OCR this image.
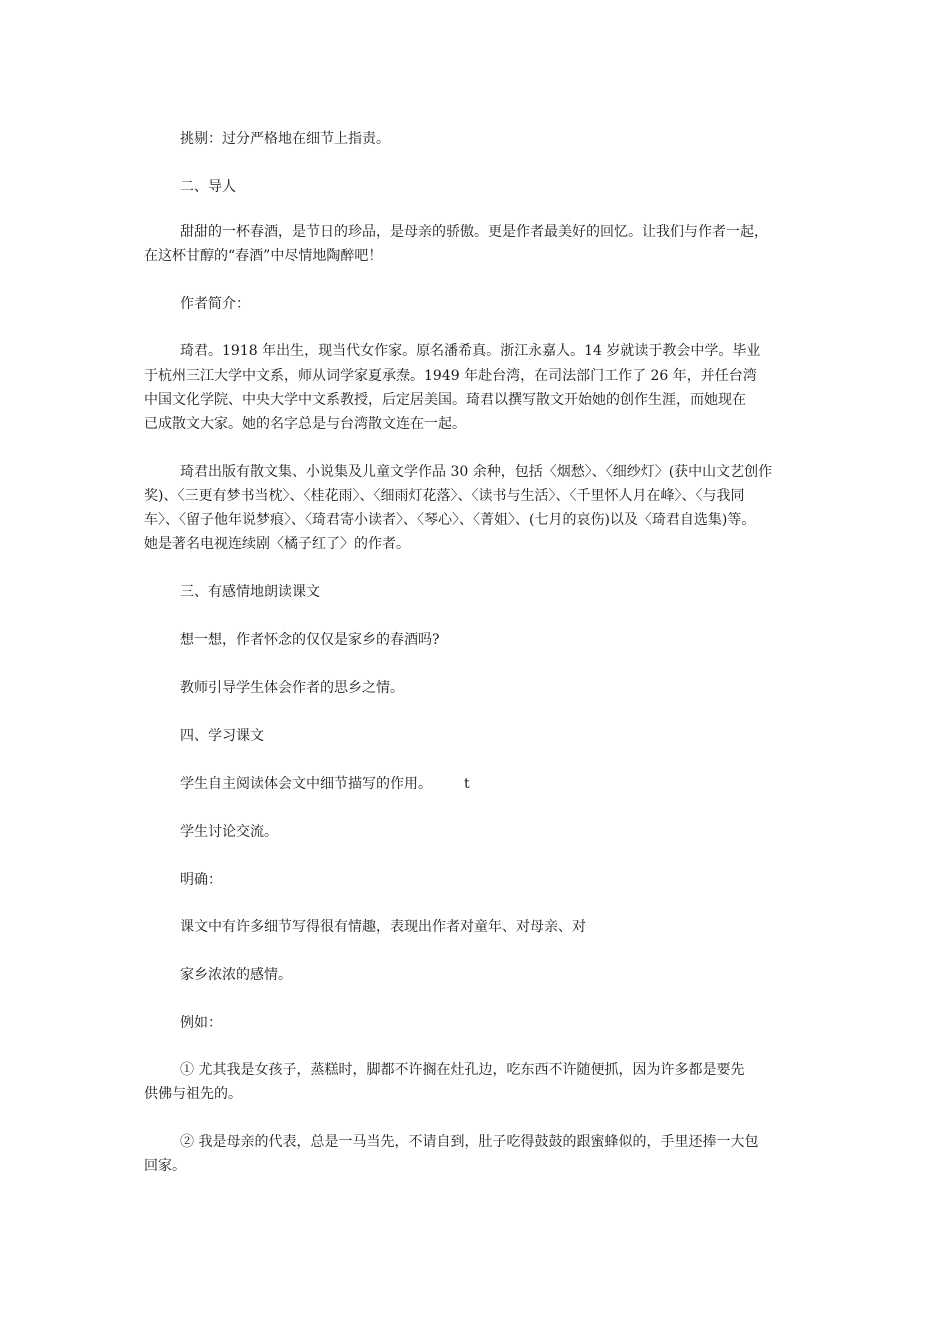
挑剔：过分严格地在细节上指责。

二、导人

甜甜的一杯春酒，是节日的珍品，是母亲的骄傲。更是作者最美好的回忆。让我们与作者一起，

在这杯甘醇的“春酒”中尽情地陶醉吧！

作者简介：

琦君。1918 年出生，现当代女作家。原名潘希真。浙江永嘉人。14 岁就读于教会中学。毕业

于杭州三江大学中文系，师从词学家夏承焘。1949 年赴台湾，在司法部门工作了 26 年，并任台湾

中国文化学院、中央大学中文系教授，后定居美国。琦君以撰写散文开始她的创作生涯，而她现在

已成散文大家。她的名字总是与台湾散文连在一起。

琦君出版有散文集、小说集及儿童文学作品 30 余种，包括〈烟愁〉、〈细纱灯〉(获中山文艺创作

奖)、〈三更有梦书当枕〉、〈桂花雨〉、〈细雨灯花落〉、〈读书与生活〉、〈千里怀人月在峰〉、〈与我同

车〉、〈留子他年说梦痕〉、〈琦君寄小读者〉、〈琴心〉、〈菁姐〉、(七月的哀伤)以及〈琦君自选集)等。

她是著名电视连续剧〈橘子红了〉的作者。

三、有感情地朗读课文

想一想，作者怀念的仅仅是家乡的春酒吗?

教师引导学生体会作者的思乡之情。

四、学习课文

学生自主阅读体会文中细节描写的作用。 t

学生讨论交流。

明确：

课文中有许多细节写得很有情趣，表现出作者对童年、对母亲、对

家乡浓浓的感情。

例如：

① 尤其我是女孩子，蒸糕时，脚都不许搁在灶孔边，吃东西不许随便抓，因为许多都是要先

供佛与祖先的。

② 我是母亲的代表，总是一马当先，不请自到，肚子吃得鼓鼓的跟蜜蜂似的，手里还捧一大包

回家。
